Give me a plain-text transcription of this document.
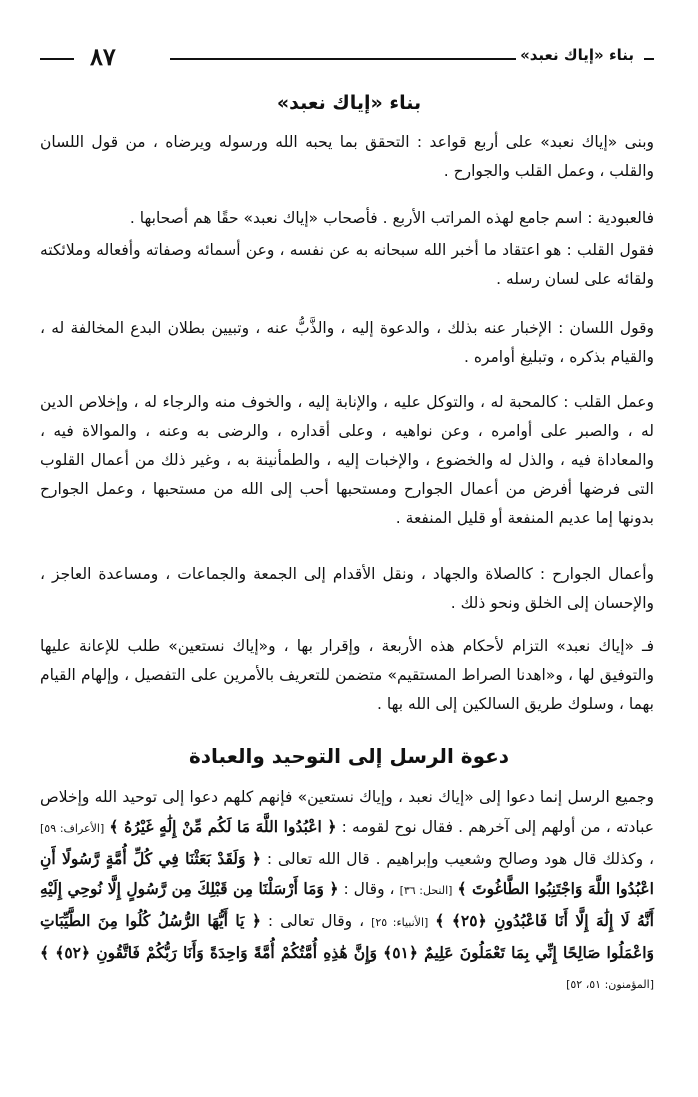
بناء «إياك نعبد»
٨٧
بناء «إياك نعبد»

وبنى «إياك نعبد» على أربع قواعد : التحقق بما يحبه الله ورسوله ويرضاه ، من قول اللسان والقلب ، وعمل القلب والجوارح .

فالعبودية : اسم جامع لهذه المراتب الأربع . فأصحاب «إياك نعبد» حقًا هم أصحابها .

فقول القلب : هو اعتقاد ما أخبر الله سبحانه به عن نفسه ، وعن أسمائه وصفاته وأفعاله وملائكته ولقائه على لسان رسله .

وقول اللسان : الإخبار عنه بذلك ، والدعوة إليه ، والذَّبُّ عنه ، وتبيين بطلان البدع المخالفة له ، والقيام بذكره ، وتبليغ أوامره .

وعمل القلب : كالمحبة له ، والتوكل عليه ، والإنابة إليه ، والخوف منه والرجاء له ، وإخلاص الدين له ، والصبر على أوامره ، وعن نواهيه ، وعلى أقداره ، والرضى به وعنه ، والموالاة فيه ، والمعاداة فيه ، والذل له والخضوع ، والإخبات إليه ، والطمأنينة به ، وغير ذلك من أعمال القلوب التى فرضها أفرض من أعمال الجوارح ومستحبها أحب إلى الله من مستحبها ، وعمل الجوارح بدونها إما عديم المنفعة أو قليل المنفعة .

وأعمال الجوارح : كالصلاة والجهاد ، ونقل الأقدام إلى الجمعة والجماعات ، ومساعدة العاجز ، والإحسان إلى الخلق ونحو ذلك .

فـ «إياك نعبد» التزام لأحكام هذه الأربعة ، وإقرار بها ، و«إياك نستعين» طلب للإعانة عليها والتوفيق لها ، و«اهدنا الصراط المستقيم» متضمن للتعريف بالأمرين على التفصيل ، وإلهام القيام بهما ، وسلوك طريق السالكين إلى الله بها .

دعوة الرسل إلى التوحيد والعبادة

وجميع الرسل إنما دعوا إلى «إياك نعبد ، وإياك نستعين» فإنهم كلهم دعوا إلى توحيد الله وإخلاص عبادته ، من أولهم إلى آخرهم . فقال نوح لقومه : ﴿ اعْبُدُوا اللَّهَ مَا لَكُم مِّنْ إِلَٰهٍ غَيْرُهُ ﴾ [الأعراف: ٥٩] ، وكذلك قال هود وصالح وشعيب وإبراهيم . قال الله تعالى : ﴿ وَلَقَدْ بَعَثْنَا فِي كُلِّ أُمَّةٍ رَّسُولًا أَنِ اعْبُدُوا اللَّهَ وَاجْتَنِبُوا الطَّاغُوتَ ﴾ [النحل: ٣٦] ، وقال : ﴿ وَمَا أَرْسَلْنَا مِن قَبْلِكَ مِن رَّسُولٍ إِلَّا نُوحِي إِلَيْهِ أَنَّهُ لَا إِلَٰهَ إِلَّا أَنَا فَاعْبُدُونِ ﴿٢٥﴾ ﴾ [الأنبياء: ٢٥] ، وقال تعالى : ﴿ يَا أَيُّهَا الرُّسُلُ كُلُوا مِنَ الطَّيِّبَاتِ وَاعْمَلُوا صَالِحًا إِنِّي بِمَا تَعْمَلُونَ عَلِيمٌ ﴿٥١﴾ وَإِنَّ هَٰذِهِ أُمَّتُكُمْ أُمَّةً وَاحِدَةً وَأَنَا رَبُّكُمْ فَاتَّقُونِ ﴿٥٢﴾ ﴾ [المؤمنون: ٥١، ٥٢]
